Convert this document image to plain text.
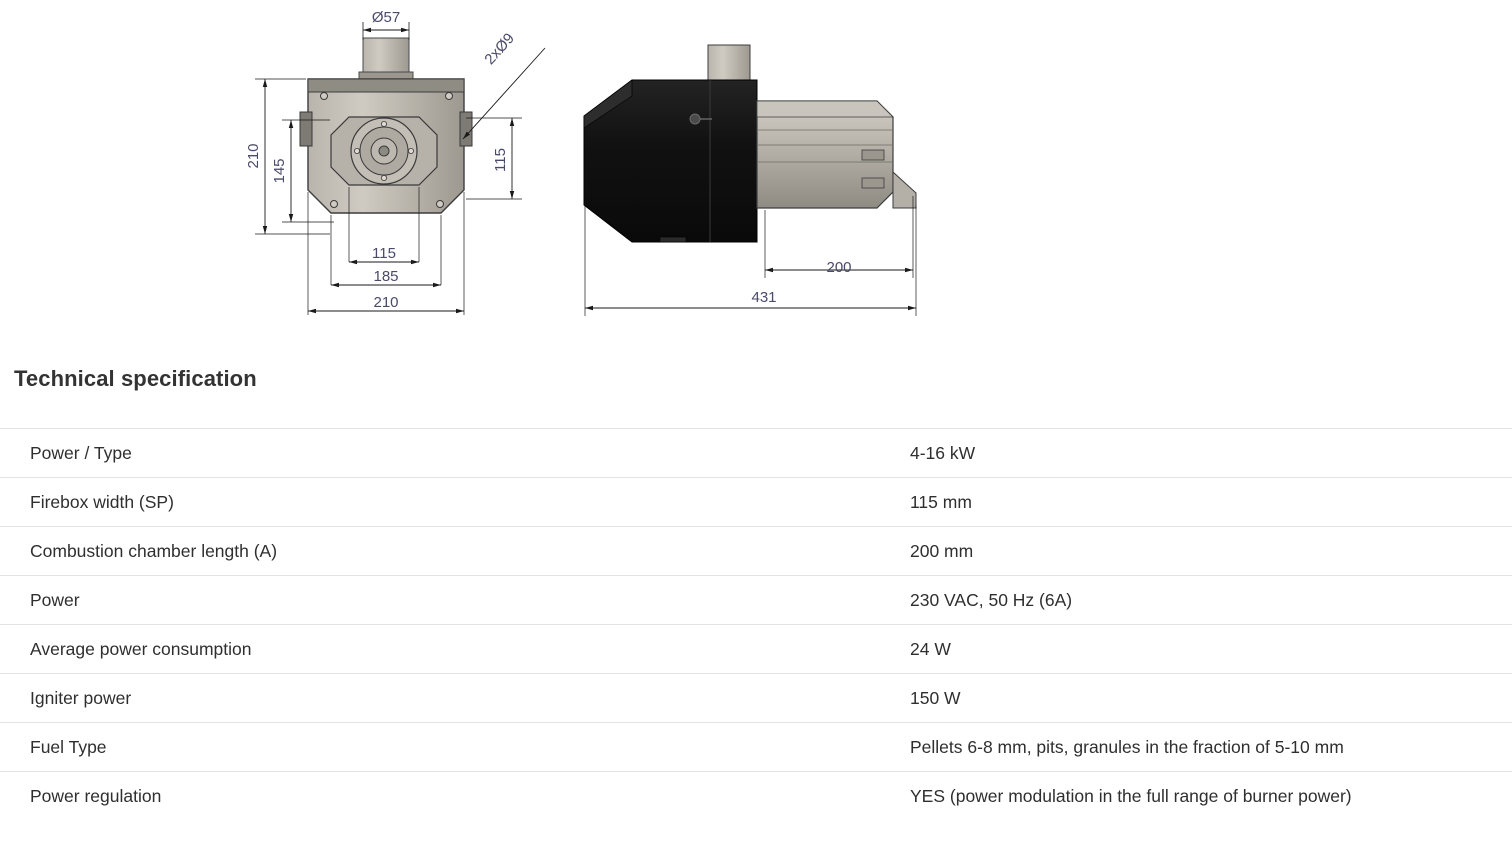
Ø57
2xØ9
210
145	115
115
185
210
200
431
Technical specification
Power / Type	4-16 kW
Firebox width (SP)	115 mm
Combustion chamber length (A)	200 mm
Power	230 VAC, 50 Hz (6A)
Average power consumption	24 W
Igniter power	150 W
Fuel Type	Pellets 6-8 mm, pits, granules in the fraction of 5-10 mm
Power regulation	YES (power modulation in the full range of burner power)
